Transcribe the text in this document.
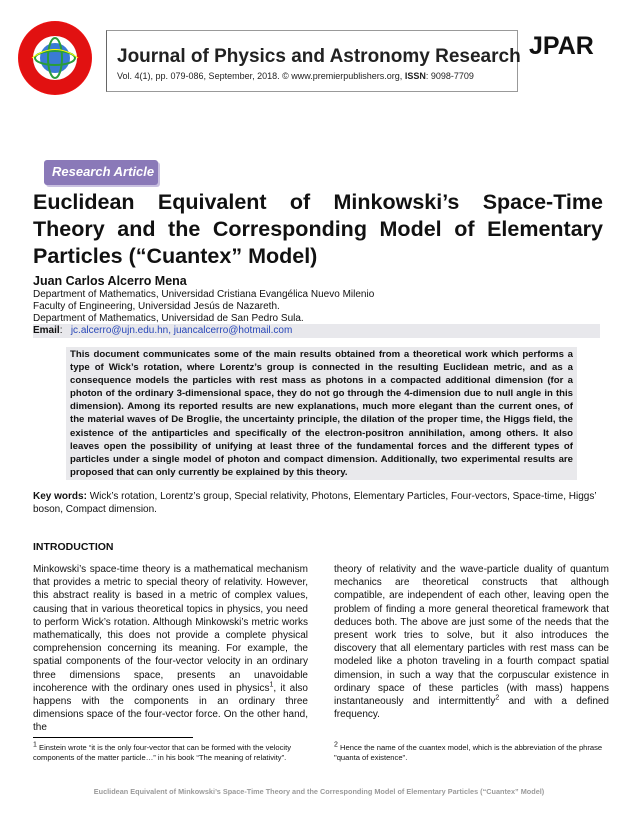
Journal of Physics and Astronomy Research
Vol. 4(1), pp. 079-086, September, 2018. © www.premierpublishers.org, ISSN: 9098-7709
JPAR
Research Article
Euclidean Equivalent of Minkowski’s Space-Time Theory and the Corresponding Model of Elementary Particles (“Cuantex” Model)
Juan Carlos Alcerro Mena
Department of Mathematics, Universidad Cristiana Evangélica Nuevo Milenio
Faculty of Engineering, Universidad Jesús de Nazareth.
Department of Mathematics, Universidad de San Pedro Sula.
Email:   jc.alcerro@ujn.edu.hn, juancalcerro@hotmail.com
This document communicates some of the main results obtained from a theoretical work which performs a type of Wick’s rotation, where Lorentz’s group is connected in the resulting Euclidean metric, and as a consequence models the particles with rest mass as photons in a compacted additional dimension (for a photon of the ordinary 3-dimensional space, they do not go through the 4-dimension due to null angle in this dimension). Among its reported results are new explanations, much more elegant than the current ones, of the material waves of De Broglie, the uncertainty principle, the dilation of the proper time, the Higgs field, the existence of the antiparticles and specifically of the electron-positron annihilation, among others. It also leaves open the possibility of unifying at least three of the fundamental forces and the different types of particles under a single model of photon and compact dimension. Additionally, two experimental results are proposed that can only currently be explained by this theory.
Key words: Wick’s rotation, Lorentz’s group, Special relativity, Photons, Elementary Particles, Four-vectors, Space-time, Higgs’ boson, Compact dimension.
INTRODUCTION
Minkowski’s space-time theory is a mathematical mechanism that provides a metric to special theory of relativity. However, this abstract reality is based in a metric of complex values, causing that in various theoretical topics in physics, you need to perform Wick’s rotation. Although Minkowski’s metric works mathematically, this does not provide a complete physical comprehension concerning its meaning. For example, the spatial components of the four-vector velocity in an ordinary three dimensions space, presents an unavoidable incoherence with the ordinary ones used in physics$^1$, it also happens with the components in an ordinary three dimensions space of the four-vector force. On the other hand, the
theory of relativity and the wave-particle duality of quantum mechanics are theoretical constructs that although compatible, are independent of each other, leaving open the problem of finding a more general theoretical framework that deduces both. The above are just some of the needs that the present work tries to solve, but it also introduces the discovery that all elementary particles with rest mass can be modeled like a photon traveling in a fourth compact spatial dimension, in such a way that the corpuscular existence in ordinary space of these particles (with mass) happens instantaneously and intermittently$^2$ and with a defined frequency.
$^1$ Einstein wrote “it is the only four-vector that can be formed with the velocity components of the matter particle…” in his book “The meaning of relativity”.
$^2$ Hence the name of the cuantex model, which is the abbreviation of the phrase "quanta of existence".
Euclidean Equivalent of Minkowski’s Space-Time Theory and the Corresponding Model of Elementary Particles (“Cuantex” Model)
